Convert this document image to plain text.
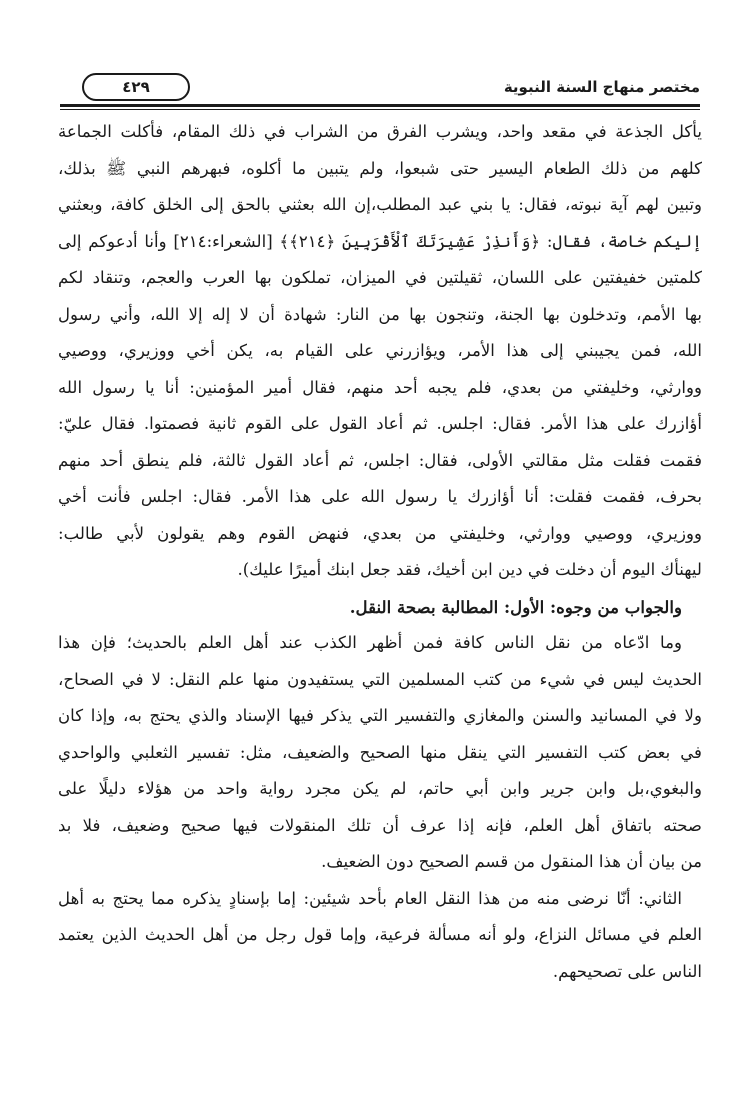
مختصر منهاج السنة النبوية
٤٢٩
يأكل الجذعة في مقعد واحد، ويشرب الفرق من الشراب في ذلك المقام، فأكلت الجماعة
كلهم من ذلك الطعام اليسير حتى شبعوا، ولم يتبين ما أكلوه، فبهرهم النبي ﷺ بذلك،
وتبين لهم آية نبوته، فقال: يا بني عبد المطلب،إن الله بعثني بالحق إلى الخلق كافة، وبعثني
إليكم خاصة، فقال: ﴿وَأَنذِرْ عَشِيرَتَكَ ٱلْأَقْرَبِينَ ﴿٢١٤﴾﴾ [الشعراء:٢١٤] وأنا أدعوكم إلى
كلمتين خفيفتين على اللسان، ثقيلتين في الميزان، تملكون بها العرب والعجم، وتنقاد لكم
بها الأمم، وتدخلون بها الجنة، وتنجون بها من النار: شهادة أن لا إله إلا الله، وأني رسول
الله، فمن يجيبني إلى هذا الأمر، ويؤازرني على القيام به، يكن أخي ووزيري، ووصيي
ووارثي، وخليفتي من بعدي، فلم يجبه أحد منهم، فقال أمير المؤمنين: أنا يا رسول الله
أؤازرك على هذا الأمر. فقال: اجلس. ثم أعاد القول على القوم ثانية فصمتوا. فقال عليّ:
فقمت فقلت مثل مقالتي الأولى، فقال: اجلس، ثم أعاد القول ثالثة، فلم ينطق أحد منهم
بحرف، فقمت فقلت: أنا أؤازرك يا رسول الله على هذا الأمر. فقال: اجلس فأنت أخي
ووزيري، ووصيي ووارثي، وخليفتي من بعدي، فنهض القوم وهم يقولون لأبي طالب:
ليهنأك اليوم أن دخلت في دين ابن أخيك، فقد جعل ابنك أميرًا عليك).
والجواب من وجوه: الأول: المطالبة بصحة النقل.
وما ادّعاه من نقل الناس كافة فمن أظهر الكذب عند أهل العلم بالحديث؛ فإن هذا
الحديث ليس في شيء من كتب المسلمين التي يستفيدون منها علم النقل: لا في الصحاح،
ولا في المسانيد والسنن والمغازي والتفسير التي يذكر فيها الإسناد والذي يحتج به، وإذا كان
في بعض كتب التفسير التي ينقل منها الصحيح والضعيف، مثل: تفسير الثعلبي والواحدي
والبغوي،بل وابن جرير وابن أبي حاتم، لم يكن مجرد رواية واحد من هؤلاء دليلًا على
صحته باتفاق أهل العلم، فإنه إذا عرف أن تلك المنقولات فيها صحيح وضعيف، فلا بد
من بيان أن هذا المنقول من قسم الصحيح دون الضعيف.
الثاني: أنّا نرضى منه من هذا النقل العام بأحد شيئين: إما بإسنادٍ يذكره مما يحتج به أهل
العلم في مسائل النزاع، ولو أنه مسألة فرعية، وإما قول رجل من أهل الحديث الذين يعتمد
الناس على تصحيحهم.
